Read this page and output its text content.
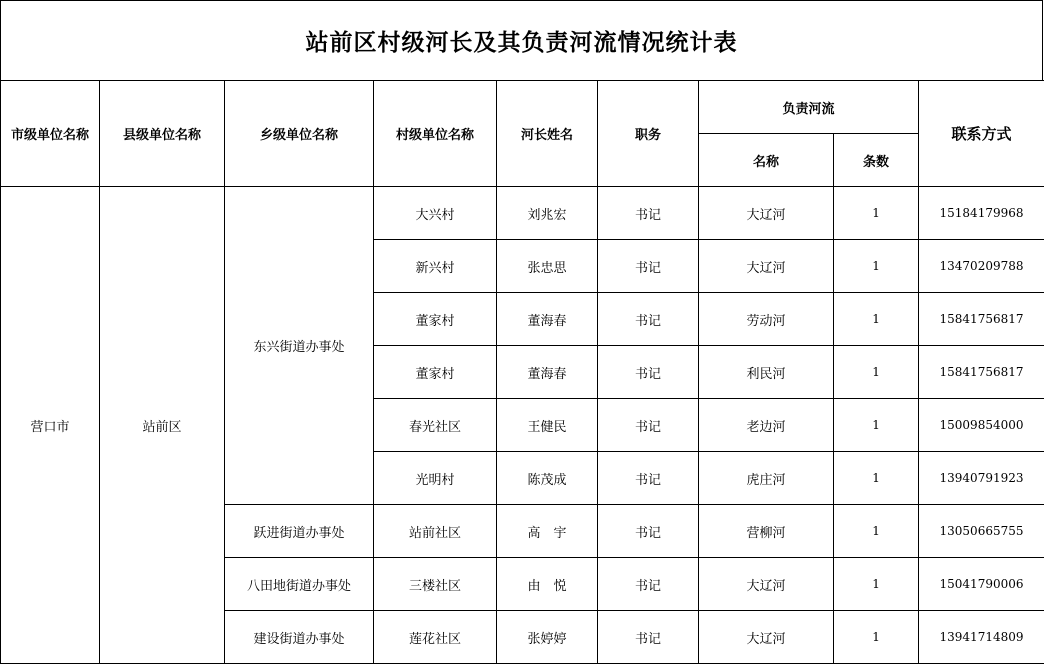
站前区村级河长及其负责河流情况统计表
市级单位名称	县级单位名称	乡级单位名称	村级单位名称	河长姓名	职务	负责河流		联系方式
						名称	条数	
营口市	站前区	东兴街道办事处	大兴村	刘兆宏	书记	大辽河	1	15184179968
			新兴村	张忠思	书记	大辽河	1	13470209788
			董家村	董海春	书记	劳动河	1	15841756817
			董家村	董海春	书记	利民河	1	15841756817
			春光社区	王健民	书记	老边河	1	15009854000
			光明村	陈茂成	书记	虎庄河	1	13940791923
		跃进街道办事处	站前社区	高　宇	书记	营柳河	1	13050665755
		八田地街道办事处	三楼社区	由　悦	书记	大辽河	1	15041790006
		建设街道办事处	莲花社区	张婷婷	书记	大辽河	1	13941714809
